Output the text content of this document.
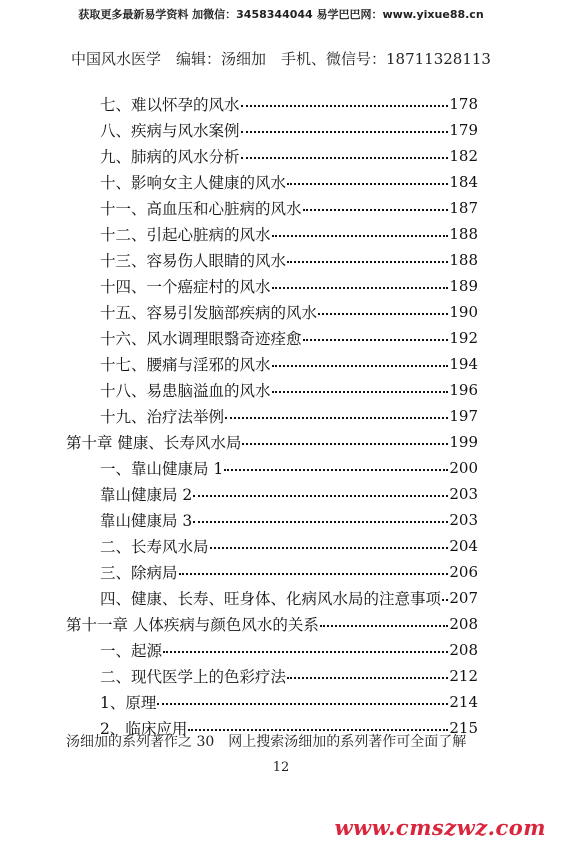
获取更多最新易学资料 加微信：3458344044 易学巴巴网：www.yixue88.cn
中国风水医学　编辑：汤细加　手机、微信号：18711328113
七、难以怀孕的风水	178
八、疾病与风水案例	179
九、肺病的风水分析	182
十、影响女主人健康的风水	184
十一、高血压和心脏病的风水	187
十二、引起心脏病的风水	188
十三、容易伤人眼睛的风水	188
十四、一个癌症村的风水	189
十五、容易引发脑部疾病的风水	190
十六、风水调理眼翳奇迹痊愈	192
十七、腰痛与淫邪的风水	194
十八、易患脑溢血的风水	196
十九、治疗法举例	197
第十章 健康、长寿风水局	199
一、靠山健康局 1	200
靠山健康局 2	203
靠山健康局 3	203
二、长寿风水局	204
三、除病局	206
四、健康、长寿、旺身体、化病风水局的注意事项 207
第十一章 人体疾病与颜色风水的关系	208
一、起源	208
二、现代医学上的色彩疗法	212
1、原理	214
2、临床应用	215
汤细加的系列著作之 30　网上搜索汤细加的系列著作可全面了解
12
www.cmszwz.com
